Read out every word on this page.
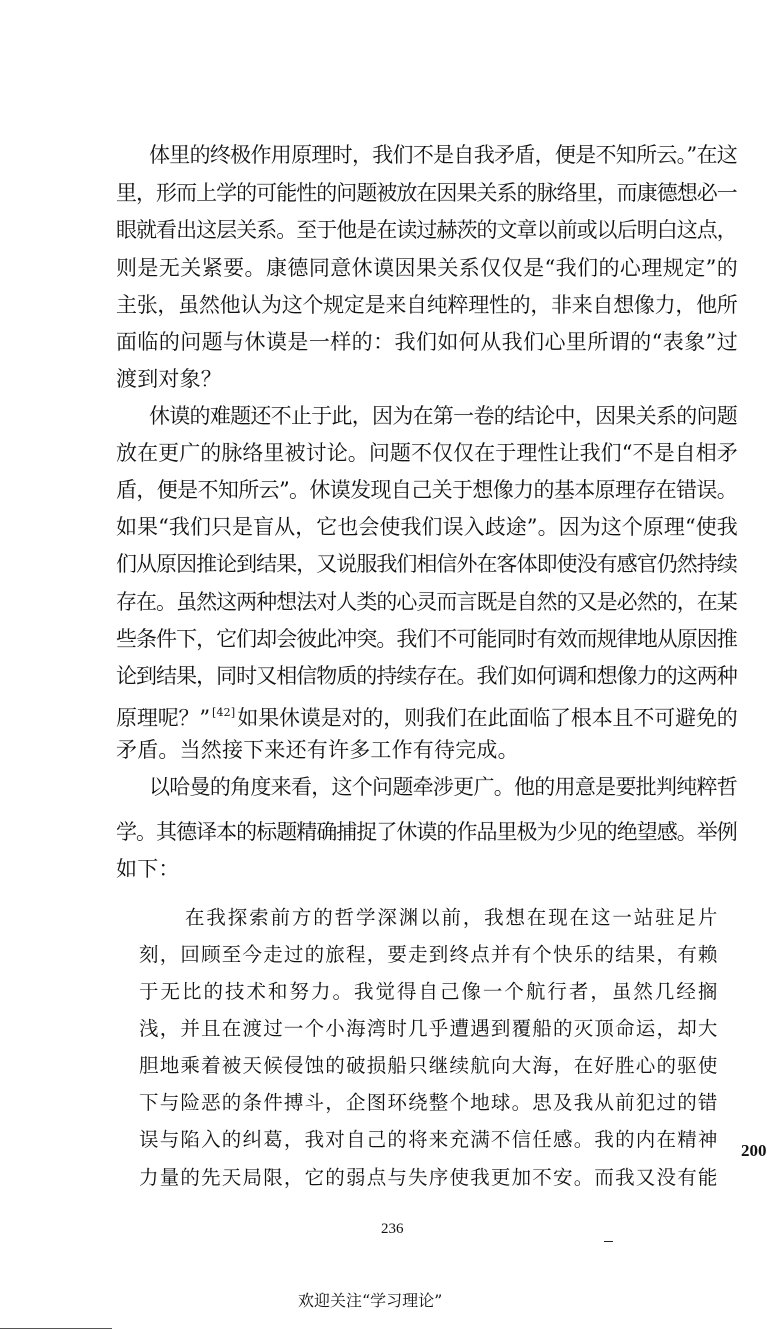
体里的终极作用原理时，我们不是自我矛盾，便是不知所云。”在这
里，形而上学的可能性的问题被放在因果关系的脉络里，而康德想必一
眼就看出这层关系。至于他是在读过赫茨的文章以前或以后明白这点，
则是无关紧要。康德同意休谟因果关系仅仅是“我们的心理规定”的
主张，虽然他认为这个规定是来自纯粹理性的，非来自想像力，他所
面临的问题与休谟是一样的：我们如何从我们心里所谓的“表象”过
渡到对象？
休谟的难题还不止于此，因为在第一卷的结论中，因果关系的问题
放在更广的脉络里被讨论。问题不仅仅在于理性让我们“不是自相矛
盾，便是不知所云”。休谟发现自己关于想像力的基本原理存在错误。
如果“我们只是盲从，它也会使我们误入歧途”。因为这个原理“使我
们从原因推论到结果，又说服我们相信外在客体即使没有感官仍然持续
存在。虽然这两种想法对人类的心灵而言既是自然的又是必然的，在某
些条件下，它们却会彼此冲突。我们不可能同时有效而规律地从原因推
论到结果，同时又相信物质的持续存在。我们如何调和想像力的这两种
原理呢？” [42]如果休谟是对的，则我们在此面临了根本且不可避免的
矛盾。当然接下来还有许多工作有待完成。
以哈曼的角度来看，这个问题牵涉更广。他的用意是要批判纯粹哲
学。其德译本的标题精确捕捉了休谟的作品里极为少见的绝望感。举例
如下：
在我探索前方的哲学深渊以前，我想在现在这一站驻足片
刻，回顾至今走过的旅程，要走到终点并有个快乐的结果，有赖
于无比的技术和努力。我觉得自己像一个航行者，虽然几经搁
浅，并且在渡过一个小海湾时几乎遭遇到覆船的灭顶命运，却大
胆地乘着被天候侵蚀的破损船只继续航向大海，在好胜心的驱使
下与险恶的条件搏斗，企图环绕整个地球。思及我从前犯过的错
误与陷入的纠葛，我对自己的将来充满不信任感。我的内在精神
力量的先天局限，它的弱点与失序使我更加不安。而我又没有能
236
200
欢迎关注“学习理论”
